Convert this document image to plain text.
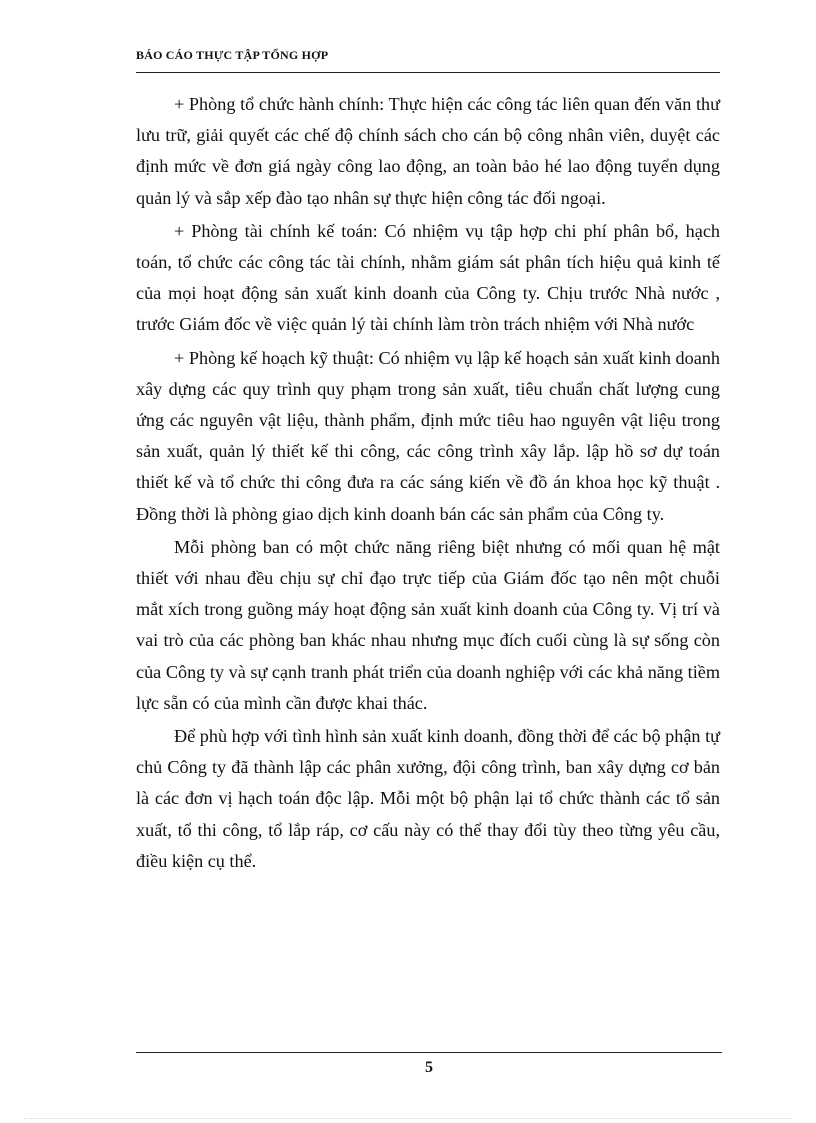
BÁO CÁO THỰC TẬP TỔNG HỢP

+ Phòng tổ chức hành chính: Thực hiện các công tác liên quan đến văn thư lưu trữ, giải quyết các chế độ chính sách cho cán bộ công nhân viên, duyệt các định mức về đơn giá ngày công lao động, an toàn bảo hé lao động tuyển dụng quản lý và sắp xếp đào tạo nhân sự thực hiện công tác đối ngoại.

+ Phòng tài chính kế toán: Có nhiệm vụ tập hợp chi phí phân bổ, hạch toán, tổ chức các công tác tài chính, nhằm giám sát phân tích hiệu quả kinh tế của mọi hoạt động sản xuất kinh doanh của Công ty. Chịu trước Nhà nước , trước Giám đốc về việc quản lý tài chính làm tròn trách nhiệm với Nhà nước

+ Phòng kế hoạch kỹ thuật: Có nhiệm vụ lập kế hoạch sản xuất kinh doanh xây dựng các quy trình quy phạm trong sản xuất, tiêu chuẩn chất lượng cung ứng các nguyên vật liệu, thành phẩm, định mức tiêu hao nguyên vật liệu trong sản xuất, quản lý thiết kế thi công, các công trình xây lắp. lập hồ sơ dự toán thiết kế và tổ chức thi công đưa ra các sáng kiến về đồ án khoa học kỹ thuật . Đồng thời là phòng giao dịch kinh doanh bán các sản phẩm của Công ty.

Mỗi phòng ban có một chức năng riêng biệt nhưng có mối quan hệ mật thiết với nhau đều chịu sự chỉ đạo trực tiếp của Giám đốc tạo nên một chuỗi mắt xích trong guồng máy hoạt động sản xuất kinh doanh của Công ty. Vị trí và vai trò của các phòng ban khác nhau nhưng mục đích cuối cùng là sự sống còn của Công ty và sự cạnh tranh phát triển của doanh nghiệp với các khả năng tiềm lực sẵn có của mình cần được khai thác.

Để phù hợp với tình hình sản xuất kinh doanh, đồng thời để các bộ phận tự chủ Công ty đã thành lập các phân xưởng, đội công trình, ban xây dựng cơ bản là các đơn vị hạch toán độc lập. Mỗi một bộ phận lại tổ chức thành các tổ sản xuất, tổ thi công, tổ lắp ráp, cơ cấu này có thể thay đổi tùy theo từng yêu cầu, điều kiện cụ thể.

5
